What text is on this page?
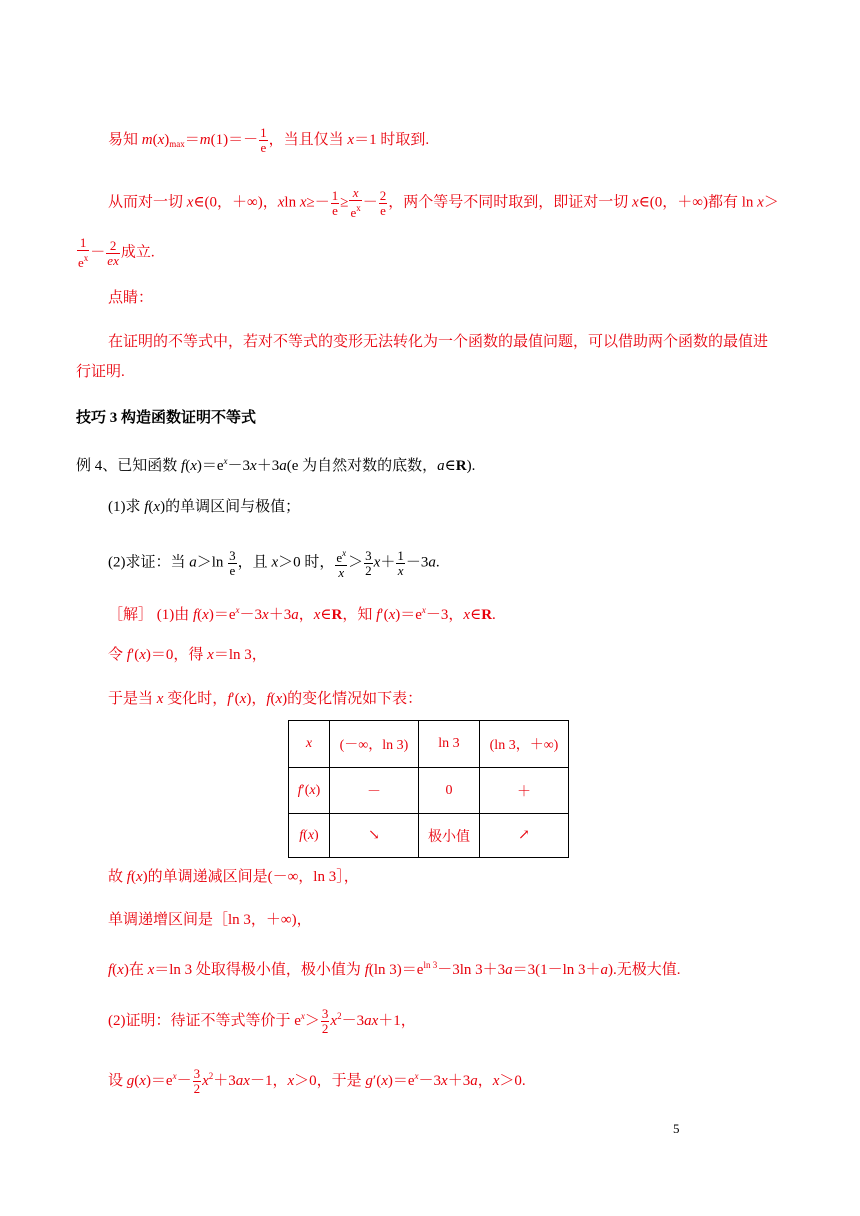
易知 $m(x)_{max}=m(1)=- \frac{1}{e}$ ，当且仅当 x＝1 时取到.
从而对一切 x∈(0，＋∞)，xln $x\ge- \frac{1}{e} \ge \frac{x}{e^x} - \frac{2}{e}$ ，两个等号不同时取到，即证对一切 x∈(0，＋∞)都有 ln x＞
$\frac{1}{e^x} - \frac{2}{ex}$ 成立.
点睛：
在证明的不等式中，若对不等式的变形无法转化为一个函数的最值问题，可以借助两个函数的最值进
行证明.
技巧 3 构造函数证明不等式
例 4、已知函数 $f(x)=e^x-3x+3a(e$ 为自然对数的底数，a∈R).
(1)求 f(x)的单调区间与极值；
(2)求证：当 $a>\ln \frac{3}{e}$ ，且 x＞0 时， $\frac{e^x}{x} > \frac{3}{2} x+ \frac{1}{x} -3a$.
［解］ (1)由 $f(x)=e^x-3x+3a$，x∈R，知 $f'(x)=e^x-3$，x∈R.
令 f′(x)＝0，得 x＝ln 3，
于是当 x 变化时，f′(x)，f(x)的变化情况如下表：
x	(－∞，ln 3)	ln 3	(ln 3，＋∞)
f′(x)	－	0	＋
f(x)	↘	极小值	↗
故 f(x)的单调递减区间是(－∞，ln 3］，
单调递增区间是［ln 3，＋∞)，
f(x)在 x＝ln 3 处取得极小值，极小值为 f(ln $3)=e^{ln 3}-3\ln$ 3＋3a＝3(1－ln 3＋a).无极大值.
(2)证明：待证不等式等价于 $e^x> \frac{3}{2} x^2-3ax+1$，
设 $g(x)=e^x- \frac{3}{2} x^2+3ax-1$，x＞0，于是 $g'(x)=e^x-3x+3a$，x＞0.
5
